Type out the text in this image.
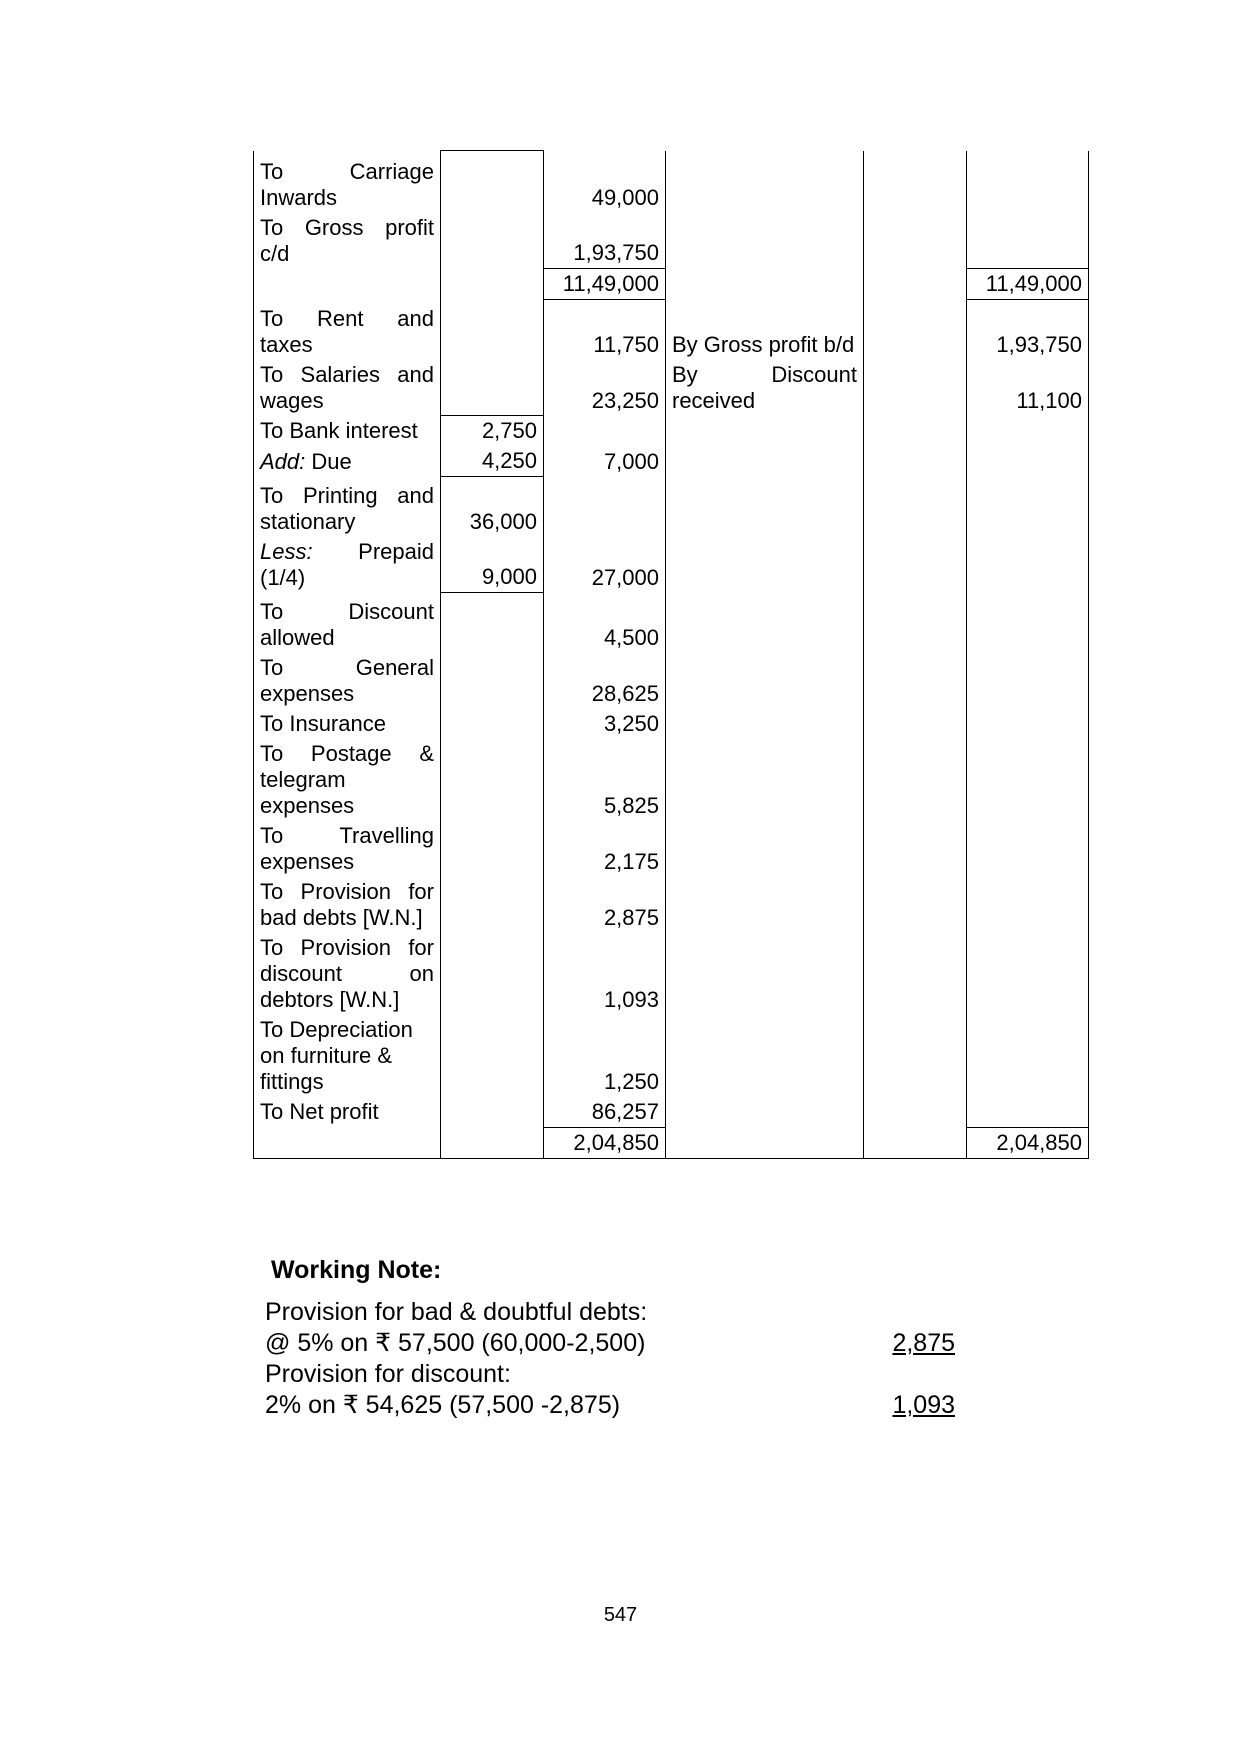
To Carriage Inwards		49,000			
To Gross profit c/d		1,93,750			
		11,49,000			11,49,000
To Rent and taxes		11,750	By Gross profit b/d		1,93,750
To Salaries and wages		23,250	By Discount received		11,100
To Bank interest	2,750				
Add: Due	4,250	7,000			
To Printing and stationary	36,000				
Less: Prepaid (1/4)	9,000	27,000			
To Discount allowed		4,500			
To General expenses		28,625			
To Insurance		3,250			
To Postage & telegram expenses		5,825			
To Travelling expenses		2,175			
To Provision for bad debts [W.N.]		2,875			
To Provision for discount on debtors [W.N.]		1,093			
To Depreciation on furniture & fittings		1,250			
To Net profit		86,257			
		2,04,850			2,04,850
Working Note:
Provision for bad & doubtful debts:
@ 5% on ₹ 57,500 (60,000-2,500)	2,875
Provision for discount:
2% on ₹ 54,625 (57,500 -2,875)	1,093
547
